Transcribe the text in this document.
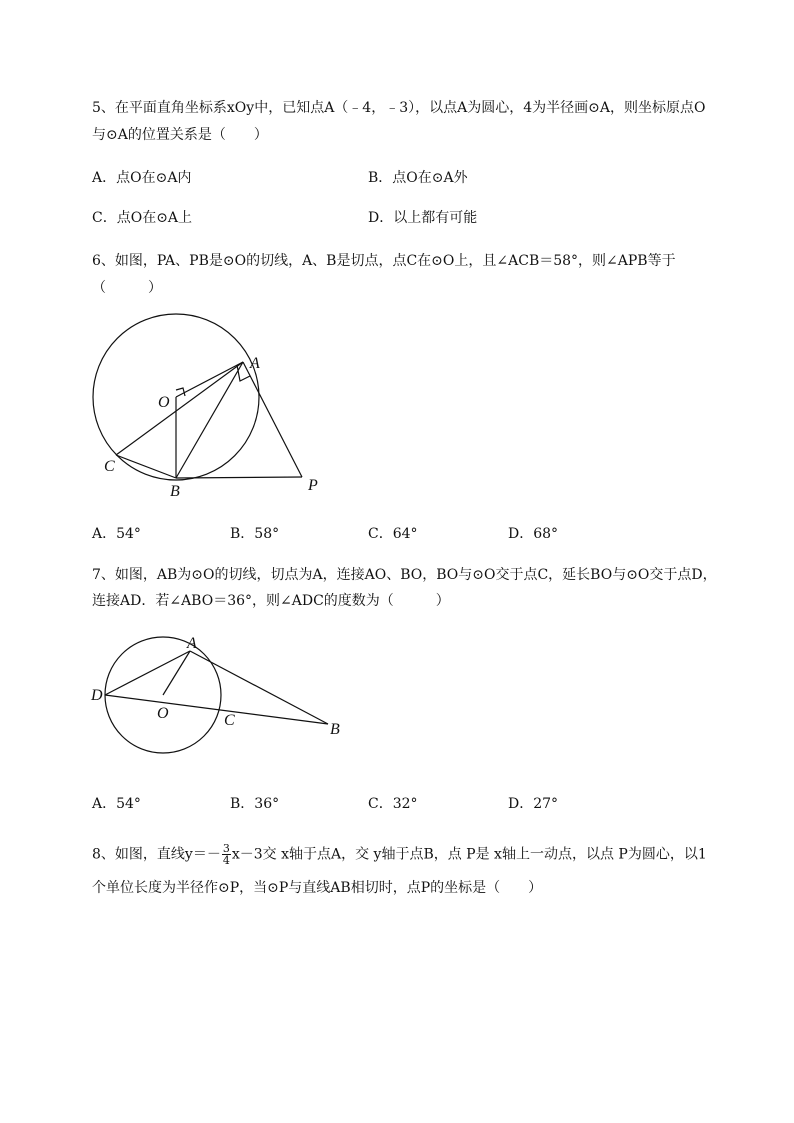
5、在平面直角坐标系xOy中，已知点A（﹣4，﹣3），以点A为圆心，4为半径画⊙A，则坐标原点O
与⊙A的位置关系是（　　）
A．点O在⊙A内	B．点O在⊙A外
C．点O在⊙A上	D．以上都有可能
6、如图，PA、PB是⊙O的切线，A、B是切点，点C在⊙O上，且∠ACB＝58°，则∠APB等于
（　　　）
O
A
B
C
P
A．54°	B．58°	C．64°	D．68°
7、如图，AB为⊙O的切线，切点为A，连接AO、BO，BO与⊙O交于点C，延长BO与⊙O交于点D，
连接AD．若∠ABO＝36°，则∠ADC的度数为（　　　）
A
D
O	C
B
A．54°	B．36°	C．32°	D．27°
8、如图，直线$y=- \frac{3}{4} x-3$交 x轴于点A，交 y轴于点B，点 P是 x轴上一动点，以点 P为圆心，以1
个单位长度为半径作⊙P，当⊙P与直线AB相切时，点P的坐标是（　　）
